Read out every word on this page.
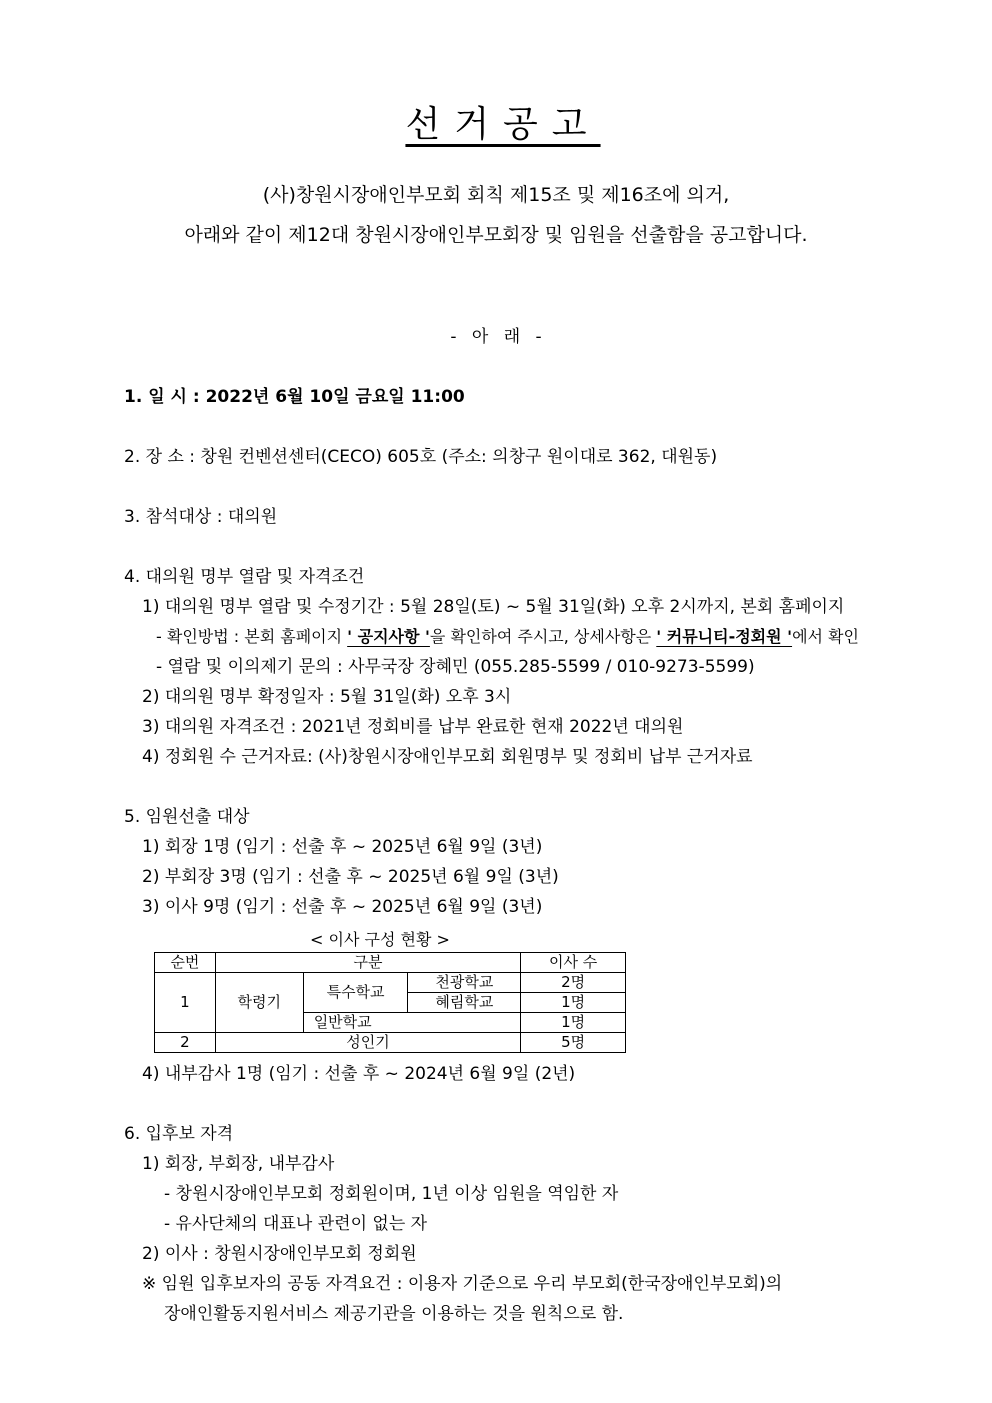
선거공고
(사)창원시장애인부모회 회칙 제15조 및 제16조에 의거,
아래와 같이 제12대 창원시장애인부모회장 및 임원을 선출함을 공고합니다.
- 아 래 -
1. 일 시 : 2022년 6월 10일 금요일 11:00
2. 장 소 : 창원 컨벤션센터(CECO) 605호 (주소: 의창구 원이대로 362, 대원동)
3. 참석대상 : 대의원
4. 대의원 명부 열람 및 자격조건
1) 대의원 명부 열람 및 수정기간 : 5월 28일(토) ~ 5월 31일(화) 오후 2시까지, 본회 홈페이지
- 확인방법 : 본회 홈페이지 ' 공지사항 '을 확인하여 주시고, 상세사항은 ' 커뮤니티-정회원 '에서 확인
- 열람 및 이의제기 문의 : 사무국장 장혜민 (055.285-5599 / 010-9273-5599)
2) 대의원 명부 확정일자 : 5월 31일(화) 오후 3시
3) 대의원 자격조건 : 2021년 정회비를 납부 완료한 현재 2022년 대의원
4) 정회원 수 근거자료: (사)창원시장애인부모회 회원명부 및 정회비 납부 근거자료
5. 임원선출 대상
1) 회장 1명 (임기 : 선출 후 ~ 2025년 6월 9일 (3년)
2) 부회장 3명 (임기 : 선출 후 ~ 2025년 6월 9일 (3년)
3) 이사 9명 (임기 : 선출 후 ~ 2025년 6월 9일 (3년)
< 이사 구성 현황 >
순번	구분			이사 수
1	학령기	특수학교	천광학교	2명
			혜림학교	1명
		일반학교		1명
2	성인기			5명
4) 내부감사 1명 (임기 : 선출 후 ~ 2024년 6월 9일 (2년)
6. 입후보 자격
1) 회장, 부회장, 내부감사
- 창원시장애인부모회 정회원이며, 1년 이상 임원을 역임한 자
- 유사단체의 대표나 관련이 없는 자
2) 이사 : 창원시장애인부모회 정회원
※ 임원 입후보자의 공동 자격요건 : 이용자 기준으로 우리 부모회(한국장애인부모회)의
장애인활동지원서비스 제공기관을 이용하는 것을 원칙으로 함.
